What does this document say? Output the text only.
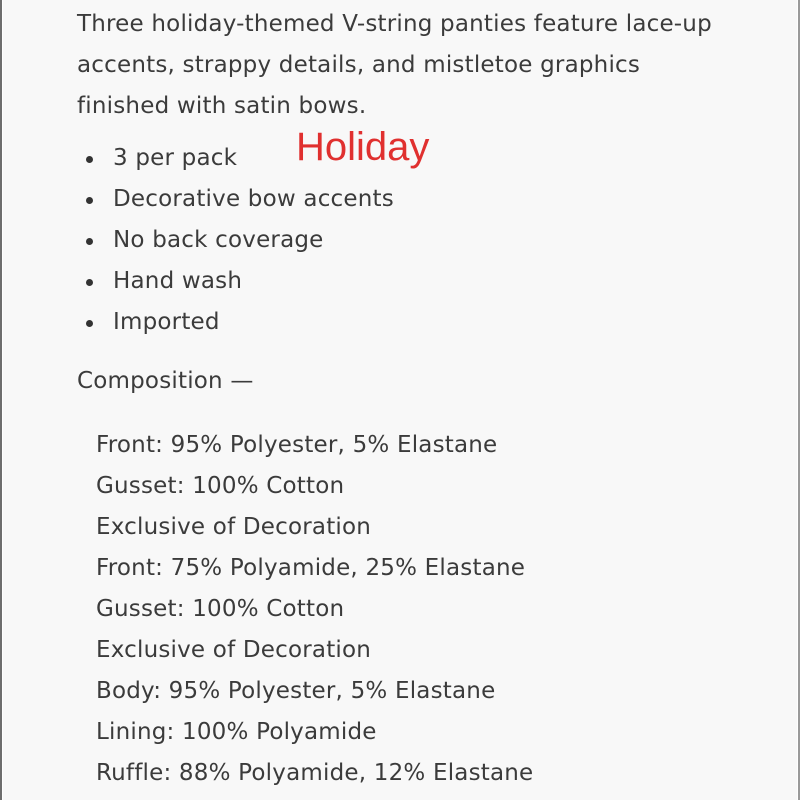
Three holiday-themed V-string panties feature lace-up accents, strappy details, and mistletoe graphics finished with satin bows.

3 per pack
Decorative bow accents
No back coverage
Hand wash
Imported
Holiday
Composition —
Front: 95% Polyester, 5% Elastane
Gusset: 100% Cotton
Exclusive of Decoration
Front: 75% Polyamide, 25% Elastane
Gusset: 100% Cotton
Exclusive of Decoration
Body: 95% Polyester, 5% Elastane
Lining: 100% Polyamide
Ruffle: 88% Polyamide, 12% Elastane
